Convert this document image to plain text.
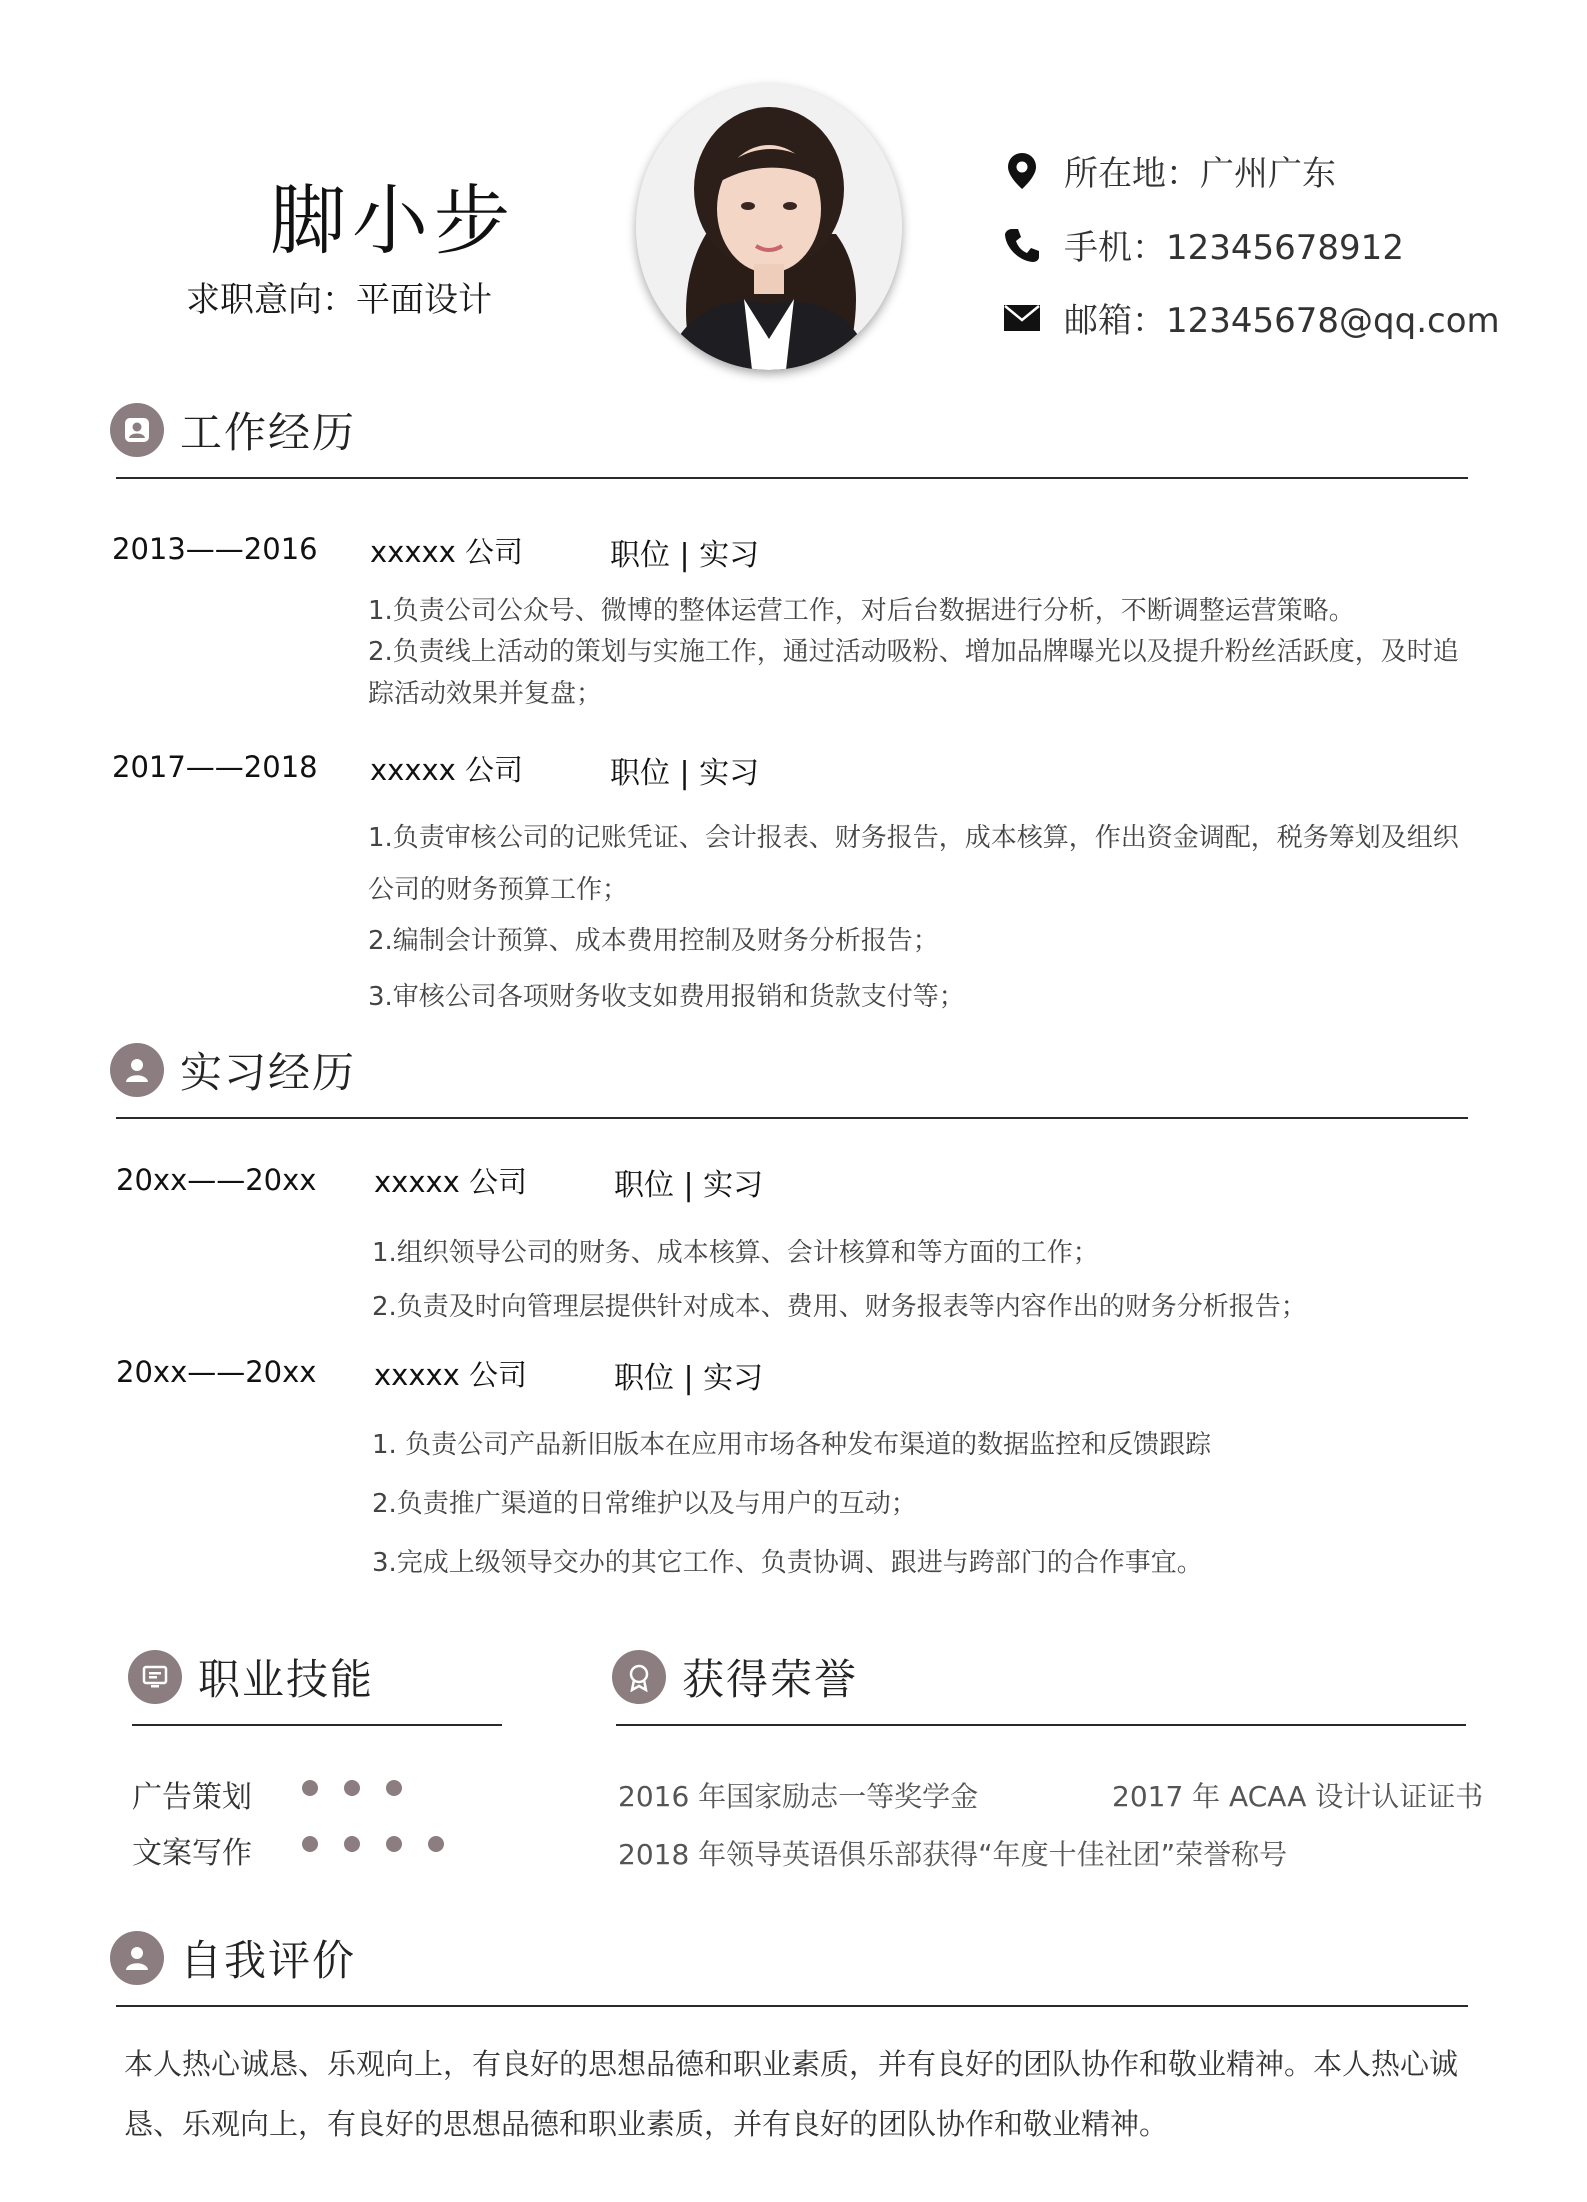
脚小步
求职意向：平面设计
所在地：广州广东
手机：12345678912
邮箱：12345678@qq.com
工作经历
2013——2016 xxxxx 公司	职位 | 实习
1.负责公司公众号、微博的整体运营工作，对后台数据进行分析，不断调整运营策略。
2.负责线上活动的策划与实施工作，通过活动吸粉、增加品牌曝光以及提升粉丝活跃度，及时追踪活动效果并复盘；
2017——2018 xxxxx 公司	职位 | 实习
1.负责审核公司的记账凭证、会计报表、财务报告，成本核算，作出资金调配，税务筹划及组织公司的财务预算工作；
2.编制会计预算、成本费用控制及财务分析报告；
3.审核公司各项财务收支如费用报销和货款支付等；
实习经历
20xx——20xx xxxxx 公司	职位 | 实习
1.组织领导公司的财务、成本核算、会计核算和等方面的工作；
2.负责及时向管理层提供针对成本、费用、财务报表等内容作出的财务分析报告；
20xx——20xx xxxxx 公司	职位 | 实习
1. 负责公司产品新旧版本在应用市场各种发布渠道的数据监控和反馈跟踪
2.负责推广渠道的日常维护以及与用户的互动；
3.完成上级领导交办的其它工作、负责协调、跟进与跨部门的合作事宜。
职业技能
广告策划
文案写作
获得荣誉
2016 年国家励志一等奖学金	2017 年 ACAA 设计认证证书
2018 年领导英语俱乐部获得“年度十佳社团”荣誉称号
自我评价
本人热心诚恳、乐观向上，有良好的思想品德和职业素质，并有良好的团队协作和敬业精神。本人热心诚恳、乐观向上，有良好的思想品德和职业素质，并有良好的团队协作和敬业精神。
